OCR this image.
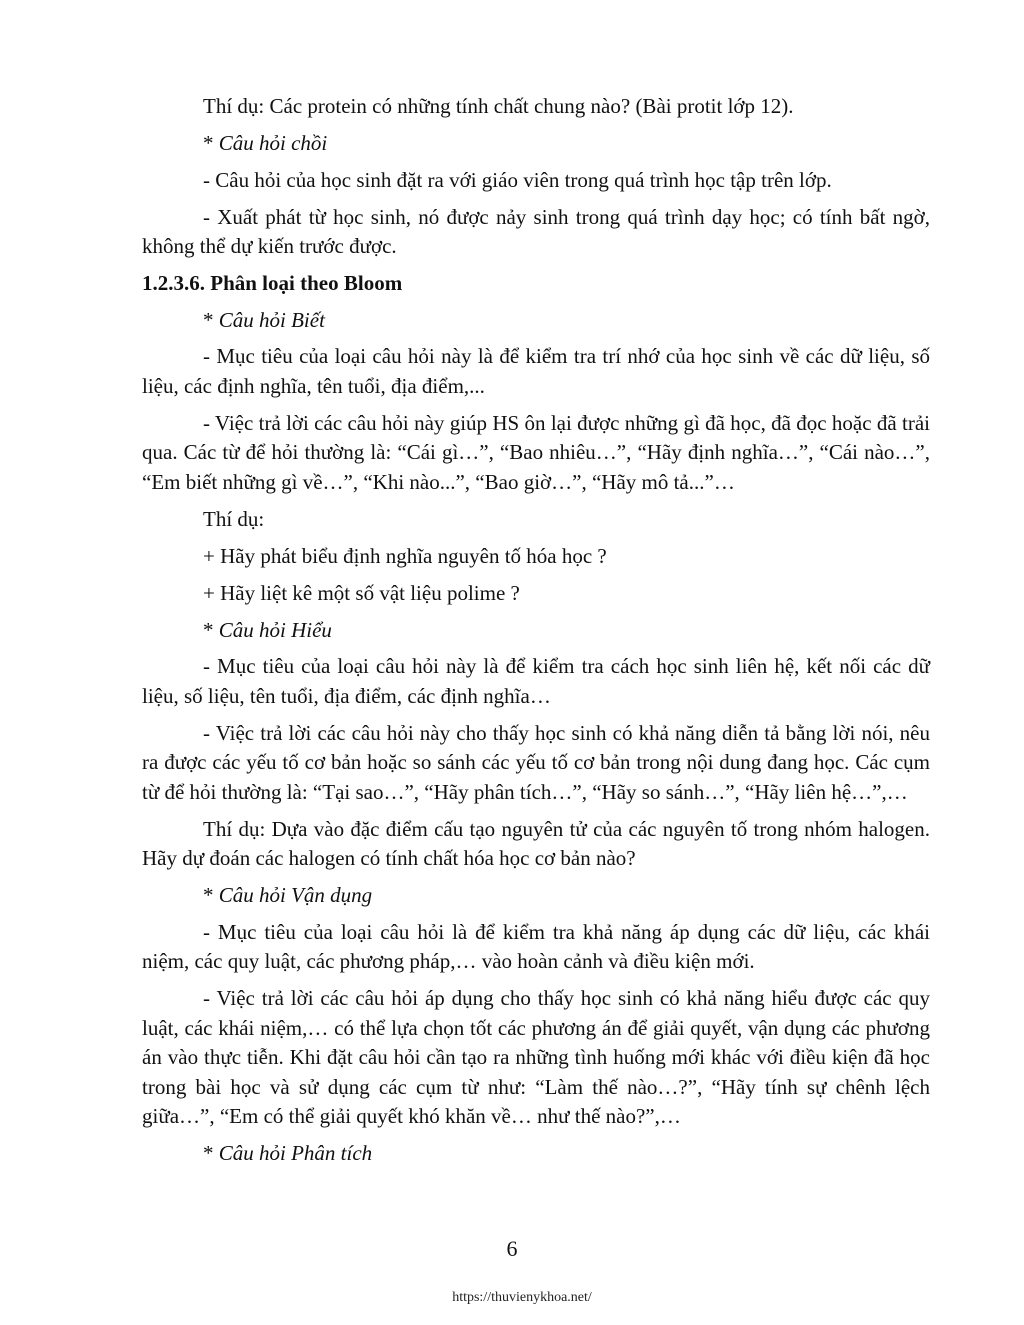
Thí dụ: Các protein có những tính chất chung nào? (Bài protit lớp 12).

* Câu hỏi chồi

- Câu hỏi của học sinh đặt ra với giáo viên trong quá trình học tập trên lớp.

- Xuất phát từ học sinh, nó được nảy sinh trong quá trình dạy học; có tính bất ngờ, không thể dự kiến trước được.

1.2.3.6. Phân loại theo Bloom

* Câu hỏi Biết

- Mục tiêu của loại câu hỏi này là để kiểm tra trí nhớ của học sinh về các dữ liệu, số liệu, các định nghĩa, tên tuổi, địa điểm,...

- Việc trả lời các câu hỏi này giúp HS ôn lại được những gì đã học, đã đọc hoặc đã trải qua. Các từ để hỏi thường là: “Cái gì…”, “Bao nhiêu…”, “Hãy định nghĩa…”, “Cái nào…”, “Em biết những gì về…”, “Khi nào...”, “Bao giờ…”, “Hãy mô tả...”…

Thí dụ:

+ Hãy phát biểu định nghĩa nguyên tố hóa học ?

+ Hãy liệt kê một số vật liệu polime ?

* Câu hỏi Hiểu

- Mục tiêu của loại câu hỏi này là để kiểm tra cách học sinh liên hệ, kết nối các dữ liệu, số liệu, tên tuổi, địa điểm, các định nghĩa…

- Việc trả lời các câu hỏi này cho thấy học sinh có khả năng diễn tả bằng lời nói, nêu ra được các yếu tố cơ bản hoặc so sánh các yếu tố cơ bản trong nội dung đang học. Các cụm từ để hỏi thường là: “Tại sao…”, “Hãy phân tích…”, “Hãy so sánh…”, “Hãy liên hệ…”,…

Thí dụ: Dựa vào đặc điểm cấu tạo nguyên tử của các nguyên tố trong nhóm halogen. Hãy dự đoán các halogen có tính chất hóa học cơ bản nào?

* Câu hỏi Vận dụng

- Mục tiêu của loại câu hỏi là để kiểm tra khả năng áp dụng các dữ liệu, các khái niệm, các quy luật, các phương pháp,… vào hoàn cảnh và điều kiện mới.

- Việc trả lời các câu hỏi áp dụng cho thấy học sinh có khả năng hiểu được các quy luật, các khái niệm,… có thể lựa chọn tốt các phương án để giải quyết, vận dụng các phương án vào thực tiễn. Khi đặt câu hỏi cần tạo ra những tình huống mới khác với điều kiện đã học trong bài học và sử dụng các cụm từ như: “Làm thế nào…?”, “Hãy tính sự chênh lệch giữa…”, “Em có thể giải quyết khó khăn về… như thế nào?”,…

* Câu hỏi Phân tích

6
https://thuvienykhoa.net/
